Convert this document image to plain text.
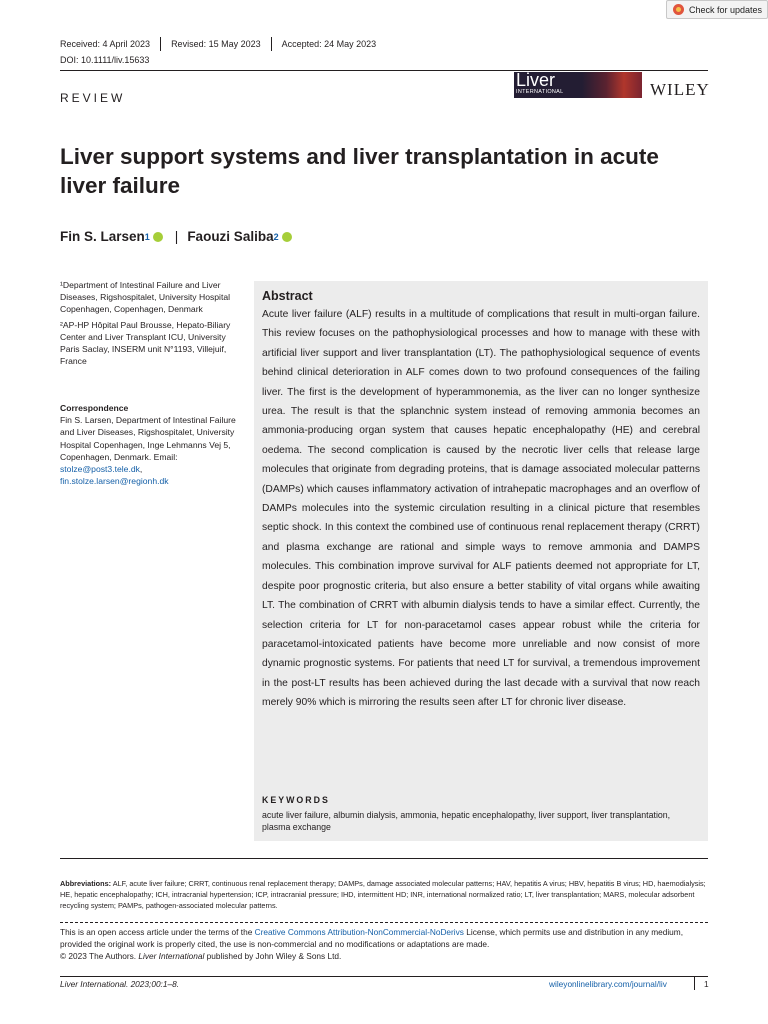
Check for updates
Received: 4 April 2023 Revised: 15 May 2023 Accepted: 24 May 2023
DOI: 10.1111/liv.15633
REVIEW
Liver
INTERNATIONAL	WILEY
Liver support systems and liver transplantation in acute liver failure
Fin S. Larsen 1 | Faouzi Saliba 2

¹Department of Intestinal Failure and Liver Diseases, Rigshospitalet, University Hospital Copenhagen, Copenhagen, Denmark

²AP-HP Hôpital Paul Brousse, Hepato-Biliary Center and Liver Transplant ICU, University Paris Saclay, INSERM unit N°1193, Villejuif, France

Correspondence

Fin S. Larsen, Department of Intestinal Failure and Liver Diseases, Rigshospitalet, University Hospital Copenhagen, Inge Lehmanns Vej 5, Copenhagen, Denmark. Email: stolze@post3.tele.dk, fin.stolze.larsen@regionh.dk

Abstract

Acute liver failure (ALF) results in a multitude of complications that result in multi-organ failure. This review focuses on the pathophysiological processes and how to manage with these with artificial liver support and liver transplantation (LT). The pathophysiological sequence of events behind clinical deterioration in ALF comes down to two profound consequences of the failing liver. The first is the development of hyperammonemia, as the liver can no longer synthesize urea. The result is that the splanchnic system instead of removing ammonia becomes an ammonia-producing organ system that causes hepatic encephalopathy (HE) and cerebral oedema. The second complication is caused by the necrotic liver cells that release large molecules that originate from degrading proteins, that is damage associated molecular patterns (DAMPs) which causes inflammatory activation of intrahepatic macrophages and an overflow of DAMPs molecules into the systemic circulation resulting in a clinical picture that resembles septic shock. In this context the combined use of continuous renal replacement therapy (CRRT) and plasma exchange are rational and simple ways to remove ammonia and DAMPS molecules. This combination improve survival for ALF patients deemed not appropriate for LT, despite poor prognostic criteria, but also ensure a better stability of vital organs while awaiting LT. The combination of CRRT with albumin dialysis tends to have a similar effect. Currently, the selection criteria for LT for non-paracetamol cases appear robust while the criteria for paracetamol-intoxicated patients have become more unreliable and now consist of more dynamic prognostic systems. For patients that need LT for survival, a tremendous improvement in the post-LT results has been achieved during the last decade with a survival that now reach merely 90% which is mirroring the results seen after LT for chronic liver disease.

KEYWORDS

acute liver failure, albumin dialysis, ammonia, hepatic encephalopathy, liver support, liver transplantation, plasma exchange

Abbreviations: ALF, acute liver failure; CRRT, continuous renal replacement therapy; DAMPs, damage associated molecular patterns; HAV, hepatitis A virus; HBV, hepatitis B virus; HD, haemodialysis; HE, hepatic encephalopathy; ICH, intracranial hypertension; ICP, intracranial pressure; IHD, intermittent HD; INR, international normalized ratio; LT, liver transplantation; MARS, molecular adsorbent recycling system; PAMPs, pathogen-associated molecular patterns.

This is an open access article under the terms of the Creative Commons Attribution-NonCommercial-NoDerivs License, which permits use and distribution in any medium, provided the original work is properly cited, the use is non-commercial and no modifications or adaptations are made.
© 2023 The Authors. Liver International published by John Wiley & Sons Ltd.

Liver International. 2023;00:1–8.	wileyonlinelibrary.com/journal/liv	1
